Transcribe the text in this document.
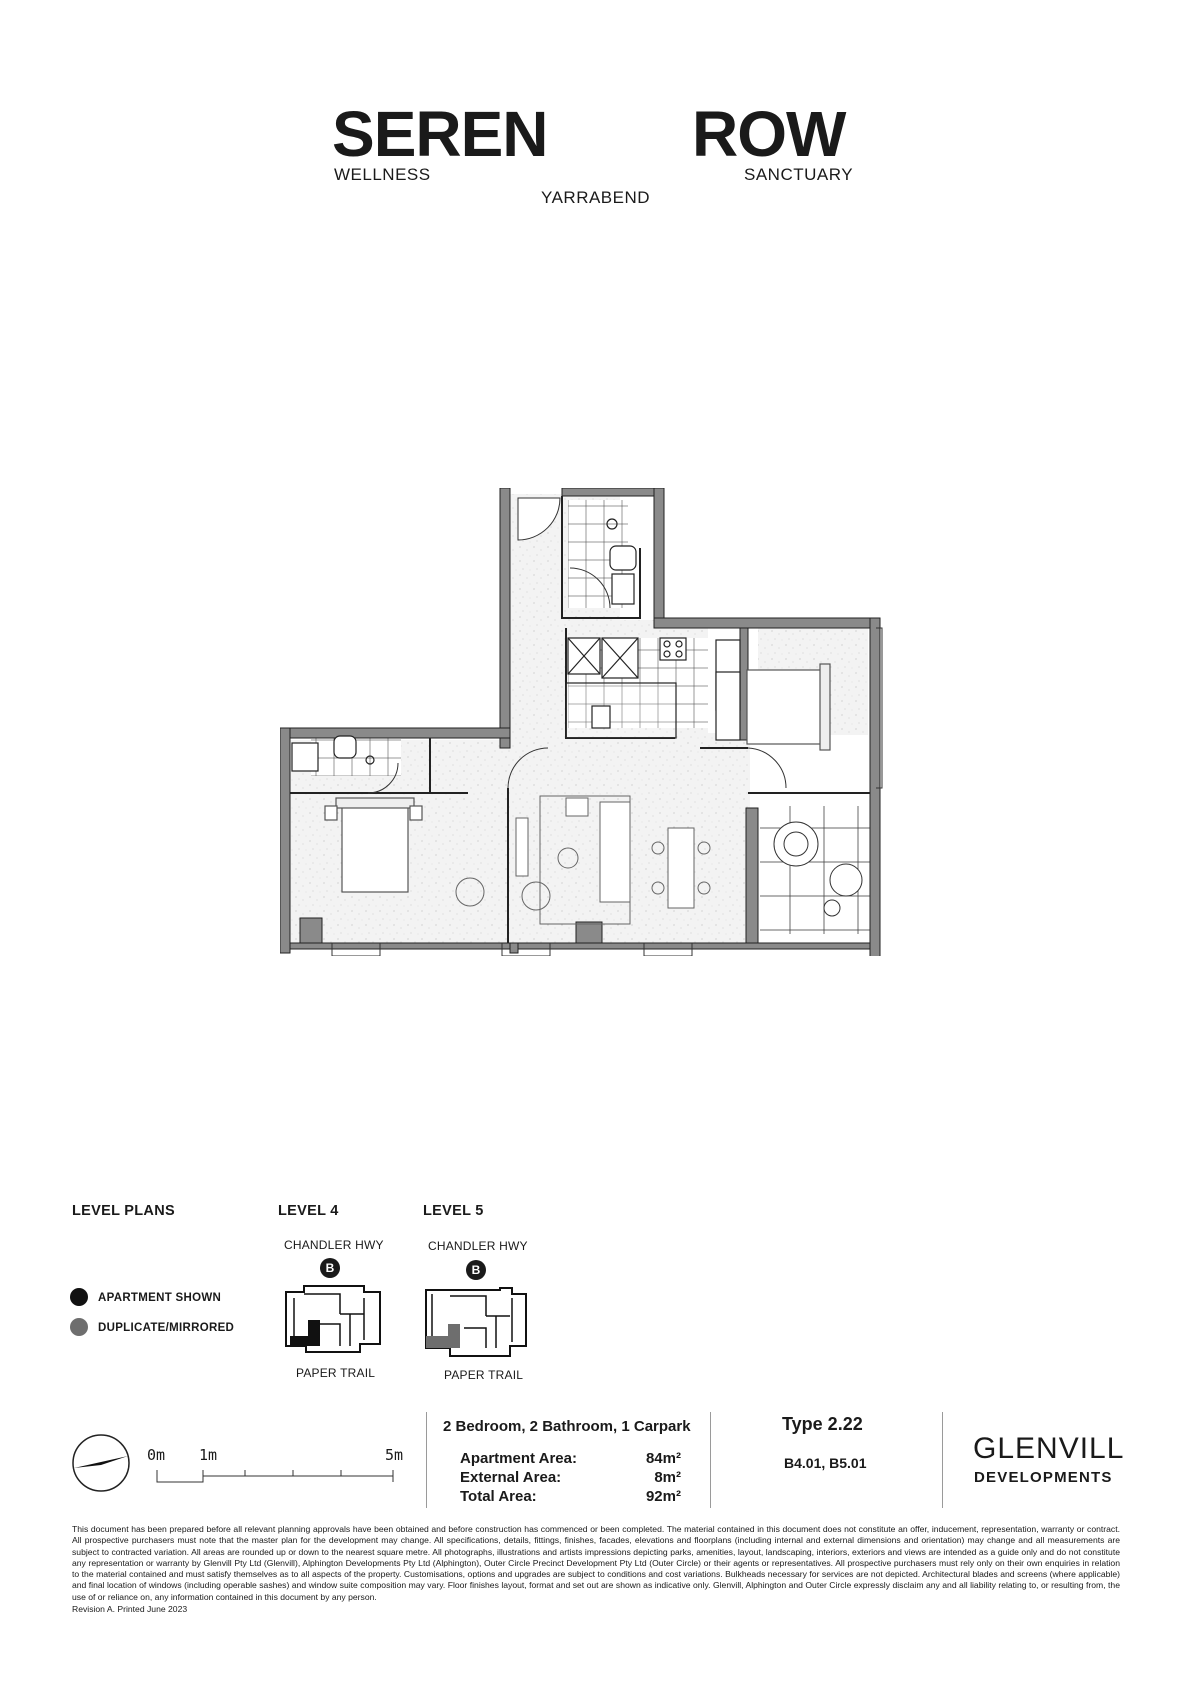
SEREN ROW
WELLNESS
YARRABEND
SANCTUARY
LEVEL PLANS
APARTMENT SHOWN
DUPLICATE/MIRRORED
LEVEL 4
CHANDLER HWY
B
PAPER TRAIL
LEVEL 5
CHANDLER HWY
B
PAPER TRAIL
0m 1m	5m
2 Bedroom, 2 Bathroom, 1 Carpark
Apartment Area:	84m²
External Area:	8m²
Total Area:	92m²
Type 2.22
B4.01, B5.01	GLENVILL
DEVELOPMENTS
This document has been prepared before all relevant planning approvals have been obtained and before construction has commenced or been completed. The material contained in this document does not constitute an offer, inducement, representation, warranty or contract. All prospective purchasers must note that the master plan for the development may change. All specifications, details, fittings, finishes, facades, elevations and floorplans (including internal and external dimensions and orientation) may change and all measurements are subject to contracted variation. All areas are rounded up or down to the nearest square metre. All photographs, illustrations and artists impressions depicting parks, amenities, layout, landscaping, interiors, exteriors and views are intended as a guide only and do not constitute any representation or warranty by Glenvill Pty Ltd (Glenvill), Alphington Developments Pty Ltd (Alphington), Outer Circle Precinct Development Pty Ltd (Outer Circle) or their agents or representatives. All prospective purchasers must rely only on their own enquiries in relation to the material contained and must satisfy themselves as to all aspects of the property. Customisations, options and upgrades are subject to conditions and cost variations. Bulkheads necessary for services are not depicted. Architectural blades and screens (where applicable) and final location of windows (including operable sashes) and window suite composition may vary. Floor finishes layout, format and set out are shown as indicative only. Glenvill, Alphington and Outer Circle expressly disclaim any and all liability relating to, or resulting from, the use of or reliance on, any information contained in this document by any person.
Revision A. Printed June 2023
